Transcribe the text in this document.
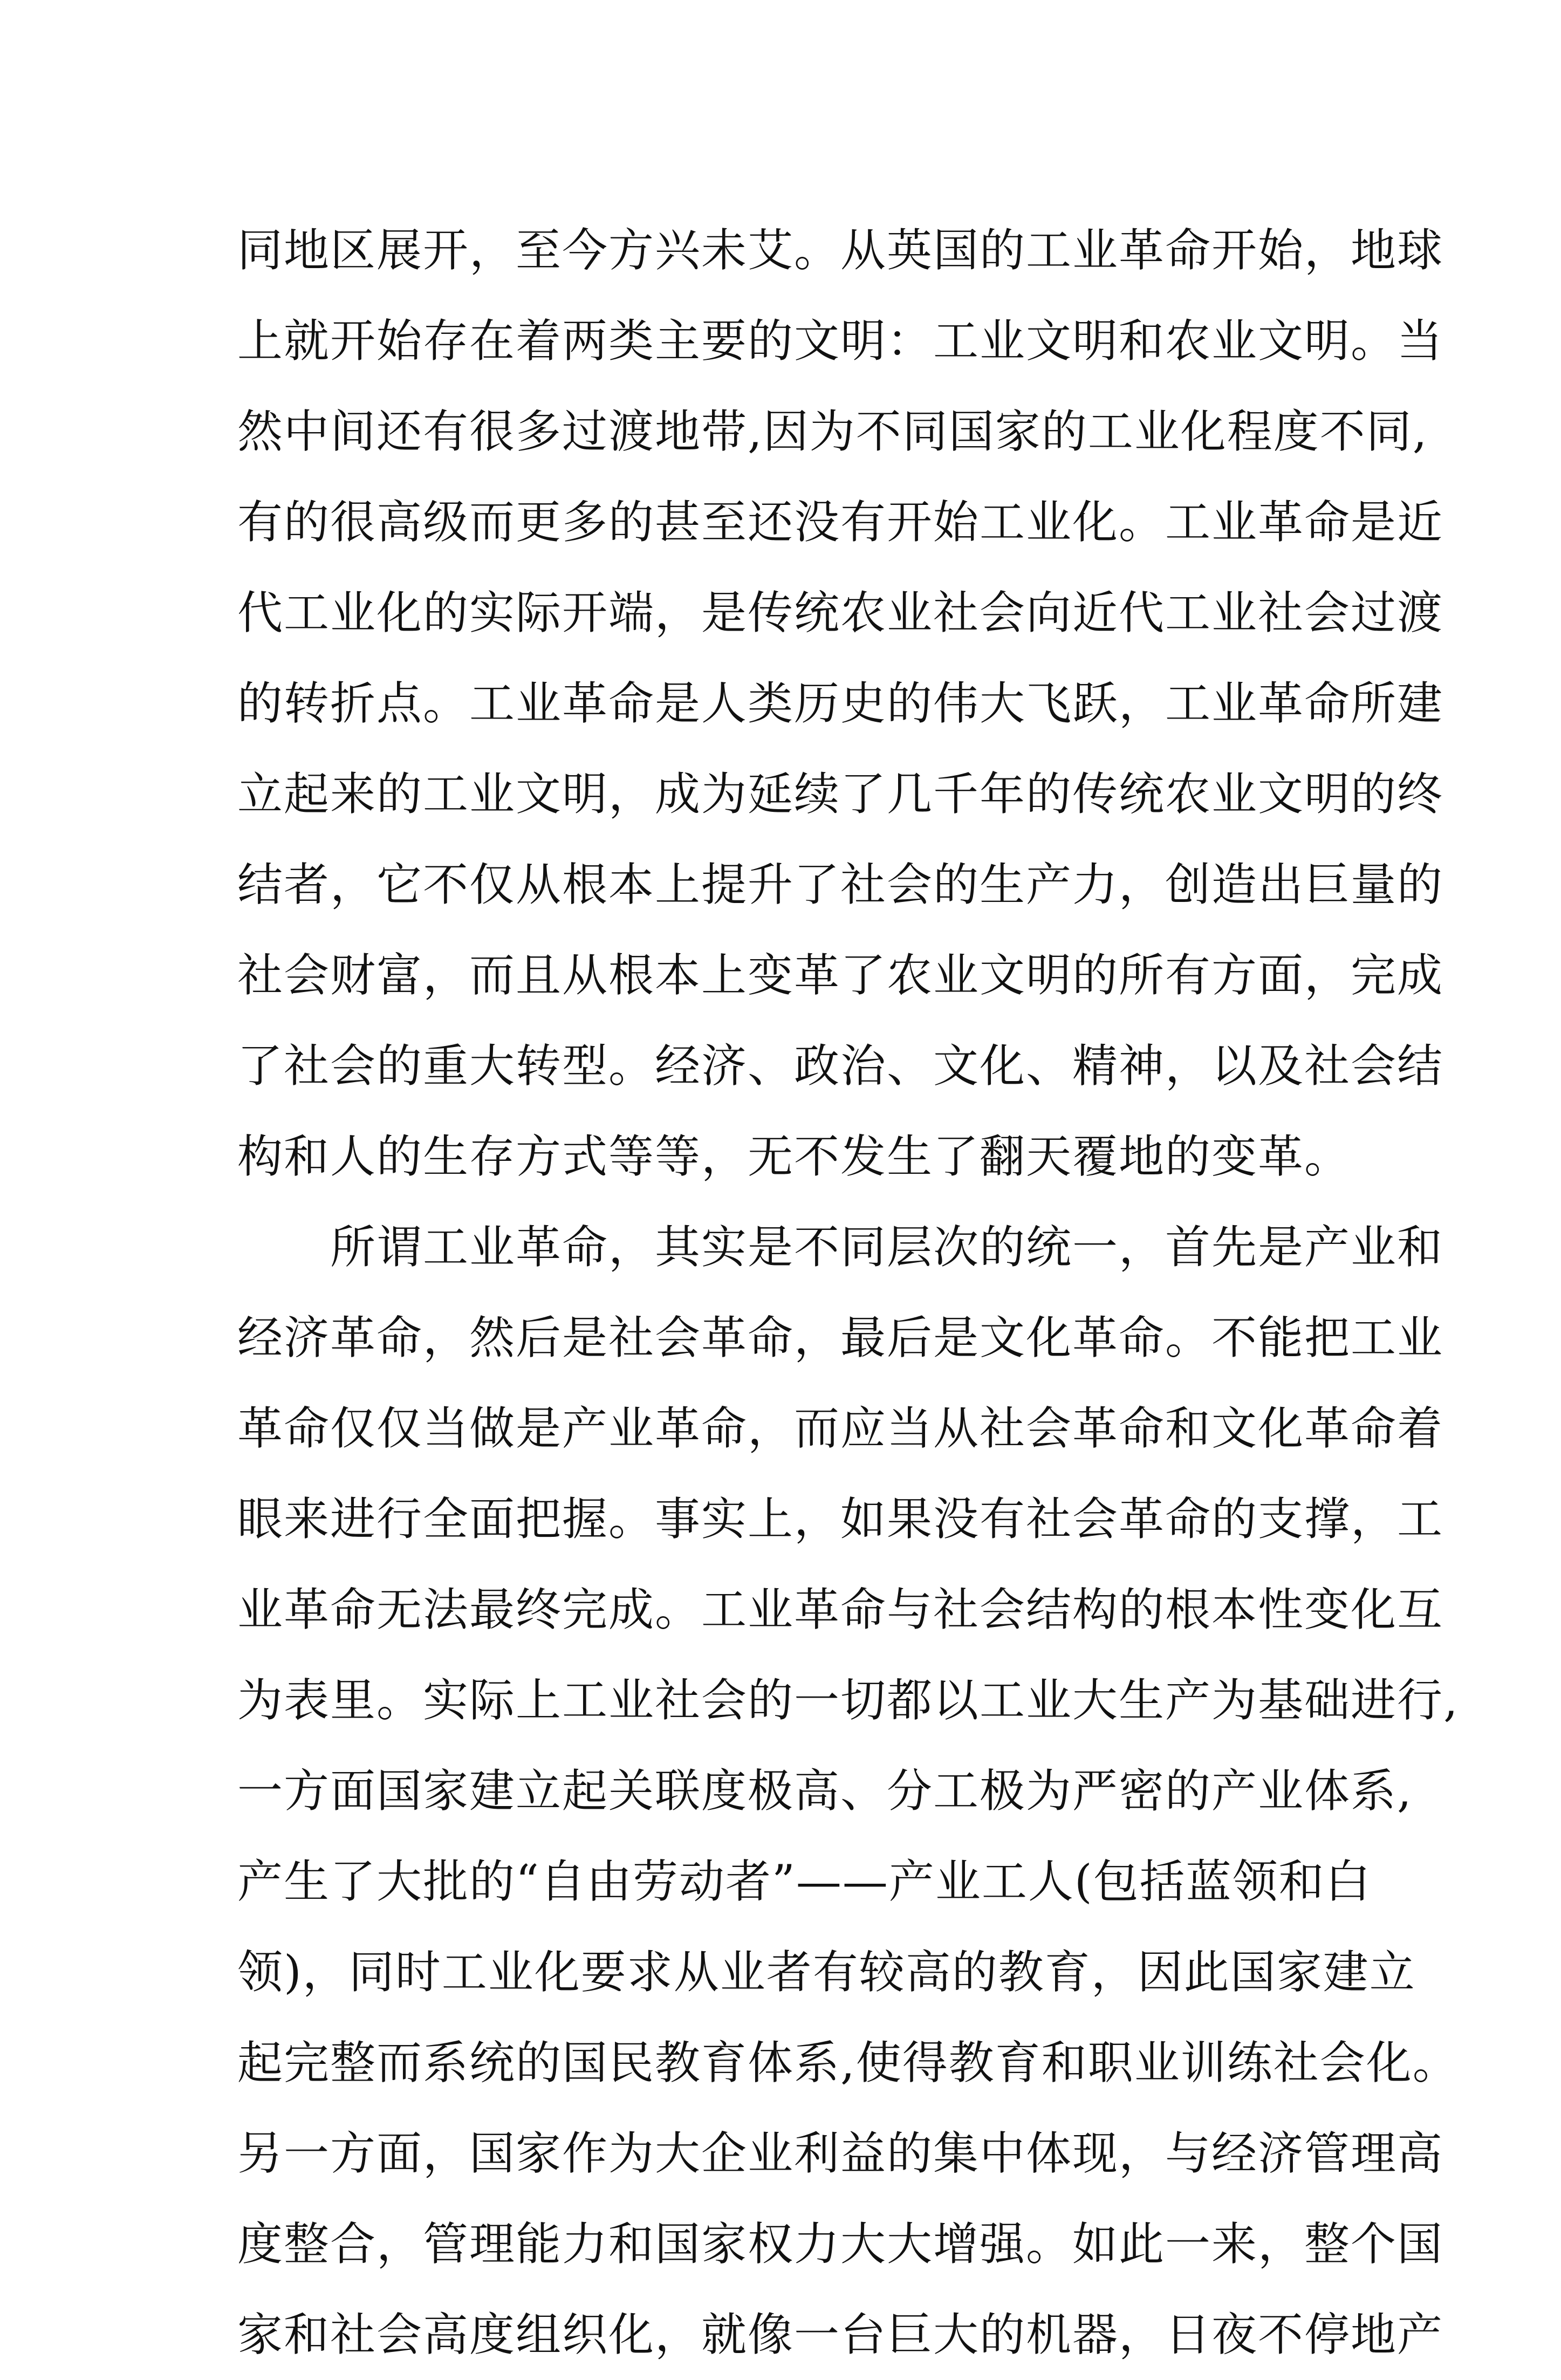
同地区展开，至今方兴未艾。从英国的工业革命开始，地球
上就开始存在着两类主要的文明：工业文明和农业文明。当
然中间还有很多过渡地带,因为不同国家的工业化程度不同,
有的很高级而更多的甚至还没有开始工业化。工业革命是近
代工业化的实际开端，是传统农业社会向近代工业社会过渡
的转折点。工业革命是人类历史的伟大飞跃，工业革命所建
立起来的工业文明，成为延续了几千年的传统农业文明的终
结者，它不仅从根本上提升了社会的生产力，创造出巨量的
社会财富，而且从根本上变革了农业文明的所有方面，完成
了社会的重大转型。经济、政治、文化、精神，以及社会结
构和人的生存方式等等，无不发生了翻天覆地的变革。
　　所谓工业革命，其实是不同层次的统一，首先是产业和
经济革命，然后是社会革命，最后是文化革命。不能把工业
革命仅仅当做是产业革命，而应当从社会革命和文化革命着
眼来进行全面把握。事实上，如果没有社会革命的支撑，工
业革命无法最终完成。工业革命与社会结构的根本性变化互
为表里。实际上工业社会的一切都以工业大生产为基础进行,
一方面国家建立起关联度极高、分工极为严密的产业体系,
产生了大批的“自由劳动者”——产业工人(包括蓝领和白
领)，同时工业化要求从业者有较高的教育，因此国家建立
起完整而系统的国民教育体系,使得教育和职业训练社会化。
另一方面，国家作为大企业利益的集中体现，与经济管理高
度整合，管理能力和国家权力大大增强。如此一来，整个国
家和社会高度组织化，就像一台巨大的机器，日夜不停地产
